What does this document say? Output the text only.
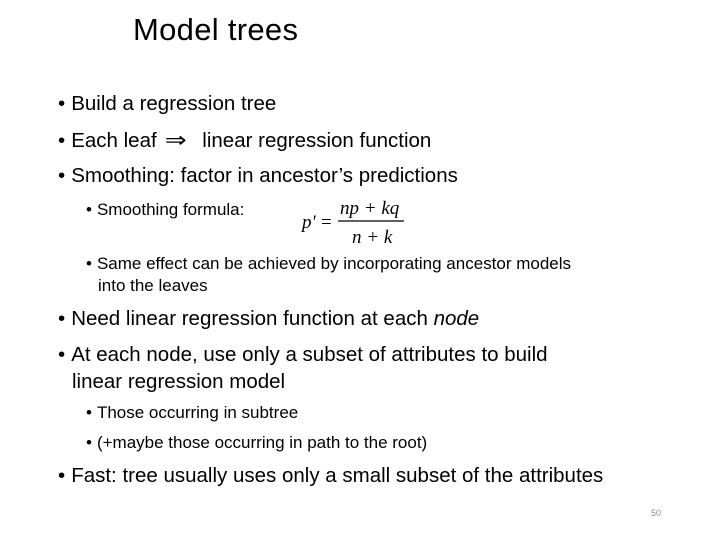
Model trees
• Build a regression tree
• Each leaf ⇒ linear regression function
• Smoothing: factor in ancestor’s predictions
• Smoothing formula:
p' =
np + kq
n + k
• Same effect can be achieved by incorporating ancestor models
into the leaves
• Need linear regression function at each node
• At each node, use only a subset of attributes to build
linear regression model
• Those occurring in subtree
• (+maybe those occurring in path to the root)
• Fast: tree usually uses only a small subset of the attributes
50
